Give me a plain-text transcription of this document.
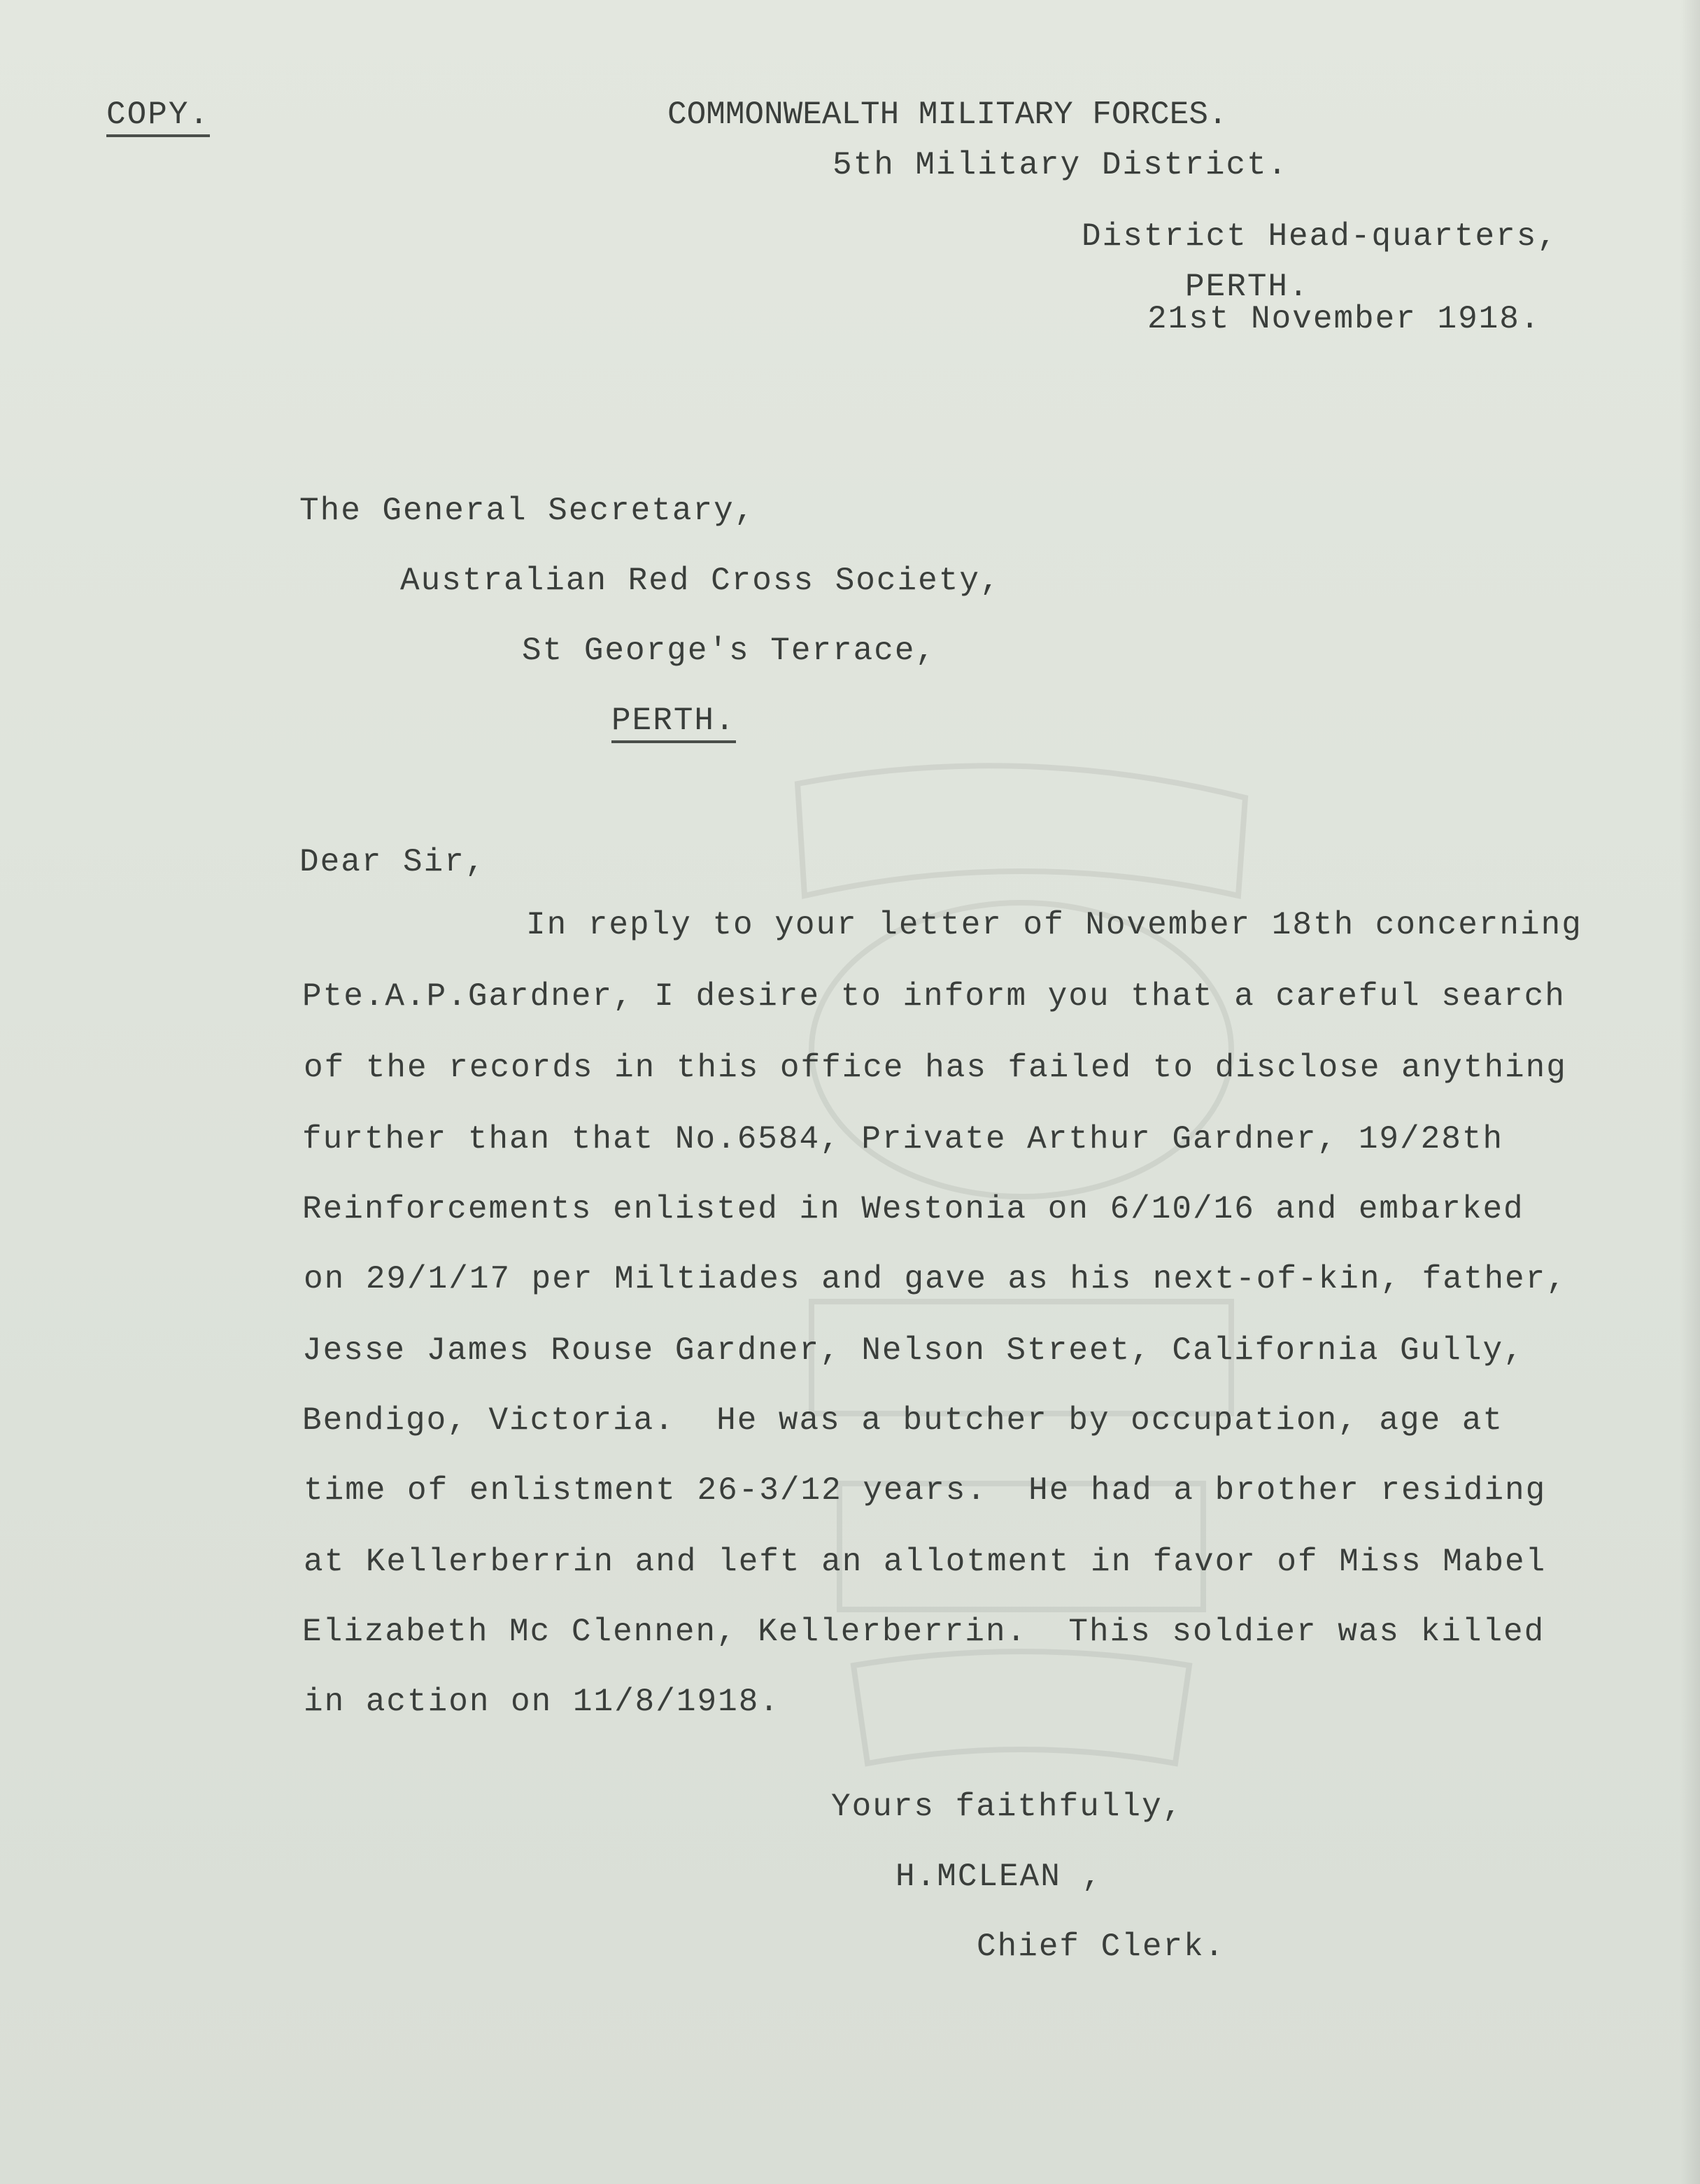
COPY.	COMMONWEALTH MILITARY FORCES.
5th Military District.
District Head-quarters,
PERTH.
21st November 1918.
The General Secretary,
Australian Red Cross Society,
St George's Terrace,
PERTH.
Dear Sir,
In reply to your letter of November 18th concerning
Pte.A.P.Gardner, I desire to inform you that a careful search
of the records in this office has failed to disclose anything
further than that No.6584, Private Arthur Gardner, 19/28th
Reinforcements enlisted in Westonia on 6/10/16 and embarked
on 29/1/17 per Miltiades and gave as his next-of-kin, father,
Jesse James Rouse Gardner, Nelson Street, California Gully,
Bendigo, Victoria.  He was a butcher by occupation, age at
time of enlistment 26-3/12 years.  He had a brother residing
at Kellerberrin and left an allotment in favor of Miss Mabel
Elizabeth Mc Clennen, Kellerberrin.  This soldier was killed
in action on 11/8/1918.
Yours faithfully,
H.MCLEAN ,
Chief Clerk.
